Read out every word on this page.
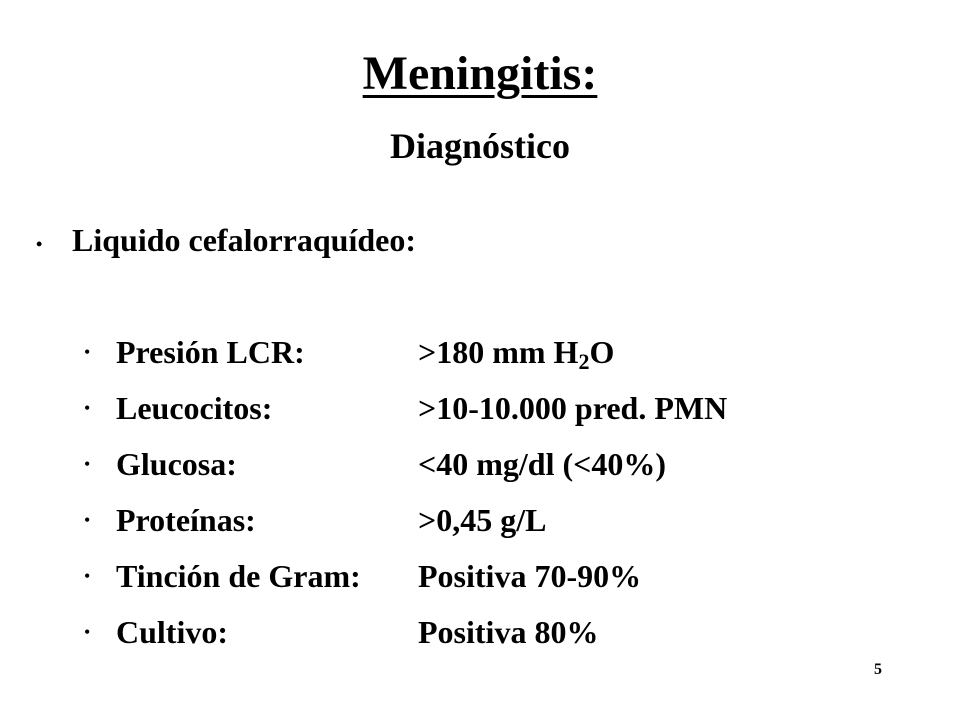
Meningitis:
Diagnóstico
• Liquido cefalorraquídeo:
• Presión LCR:	>180 mm $H_2O$
• Leucocitos:	>10-10.000 pred. PMN
• Glucosa:	<40 mg/dl (<40%)
• Proteínas:	>0,45 g/L
• Tinción de Gram:	Positiva 70-90%
• Cultivo:	Positiva 80%
5
